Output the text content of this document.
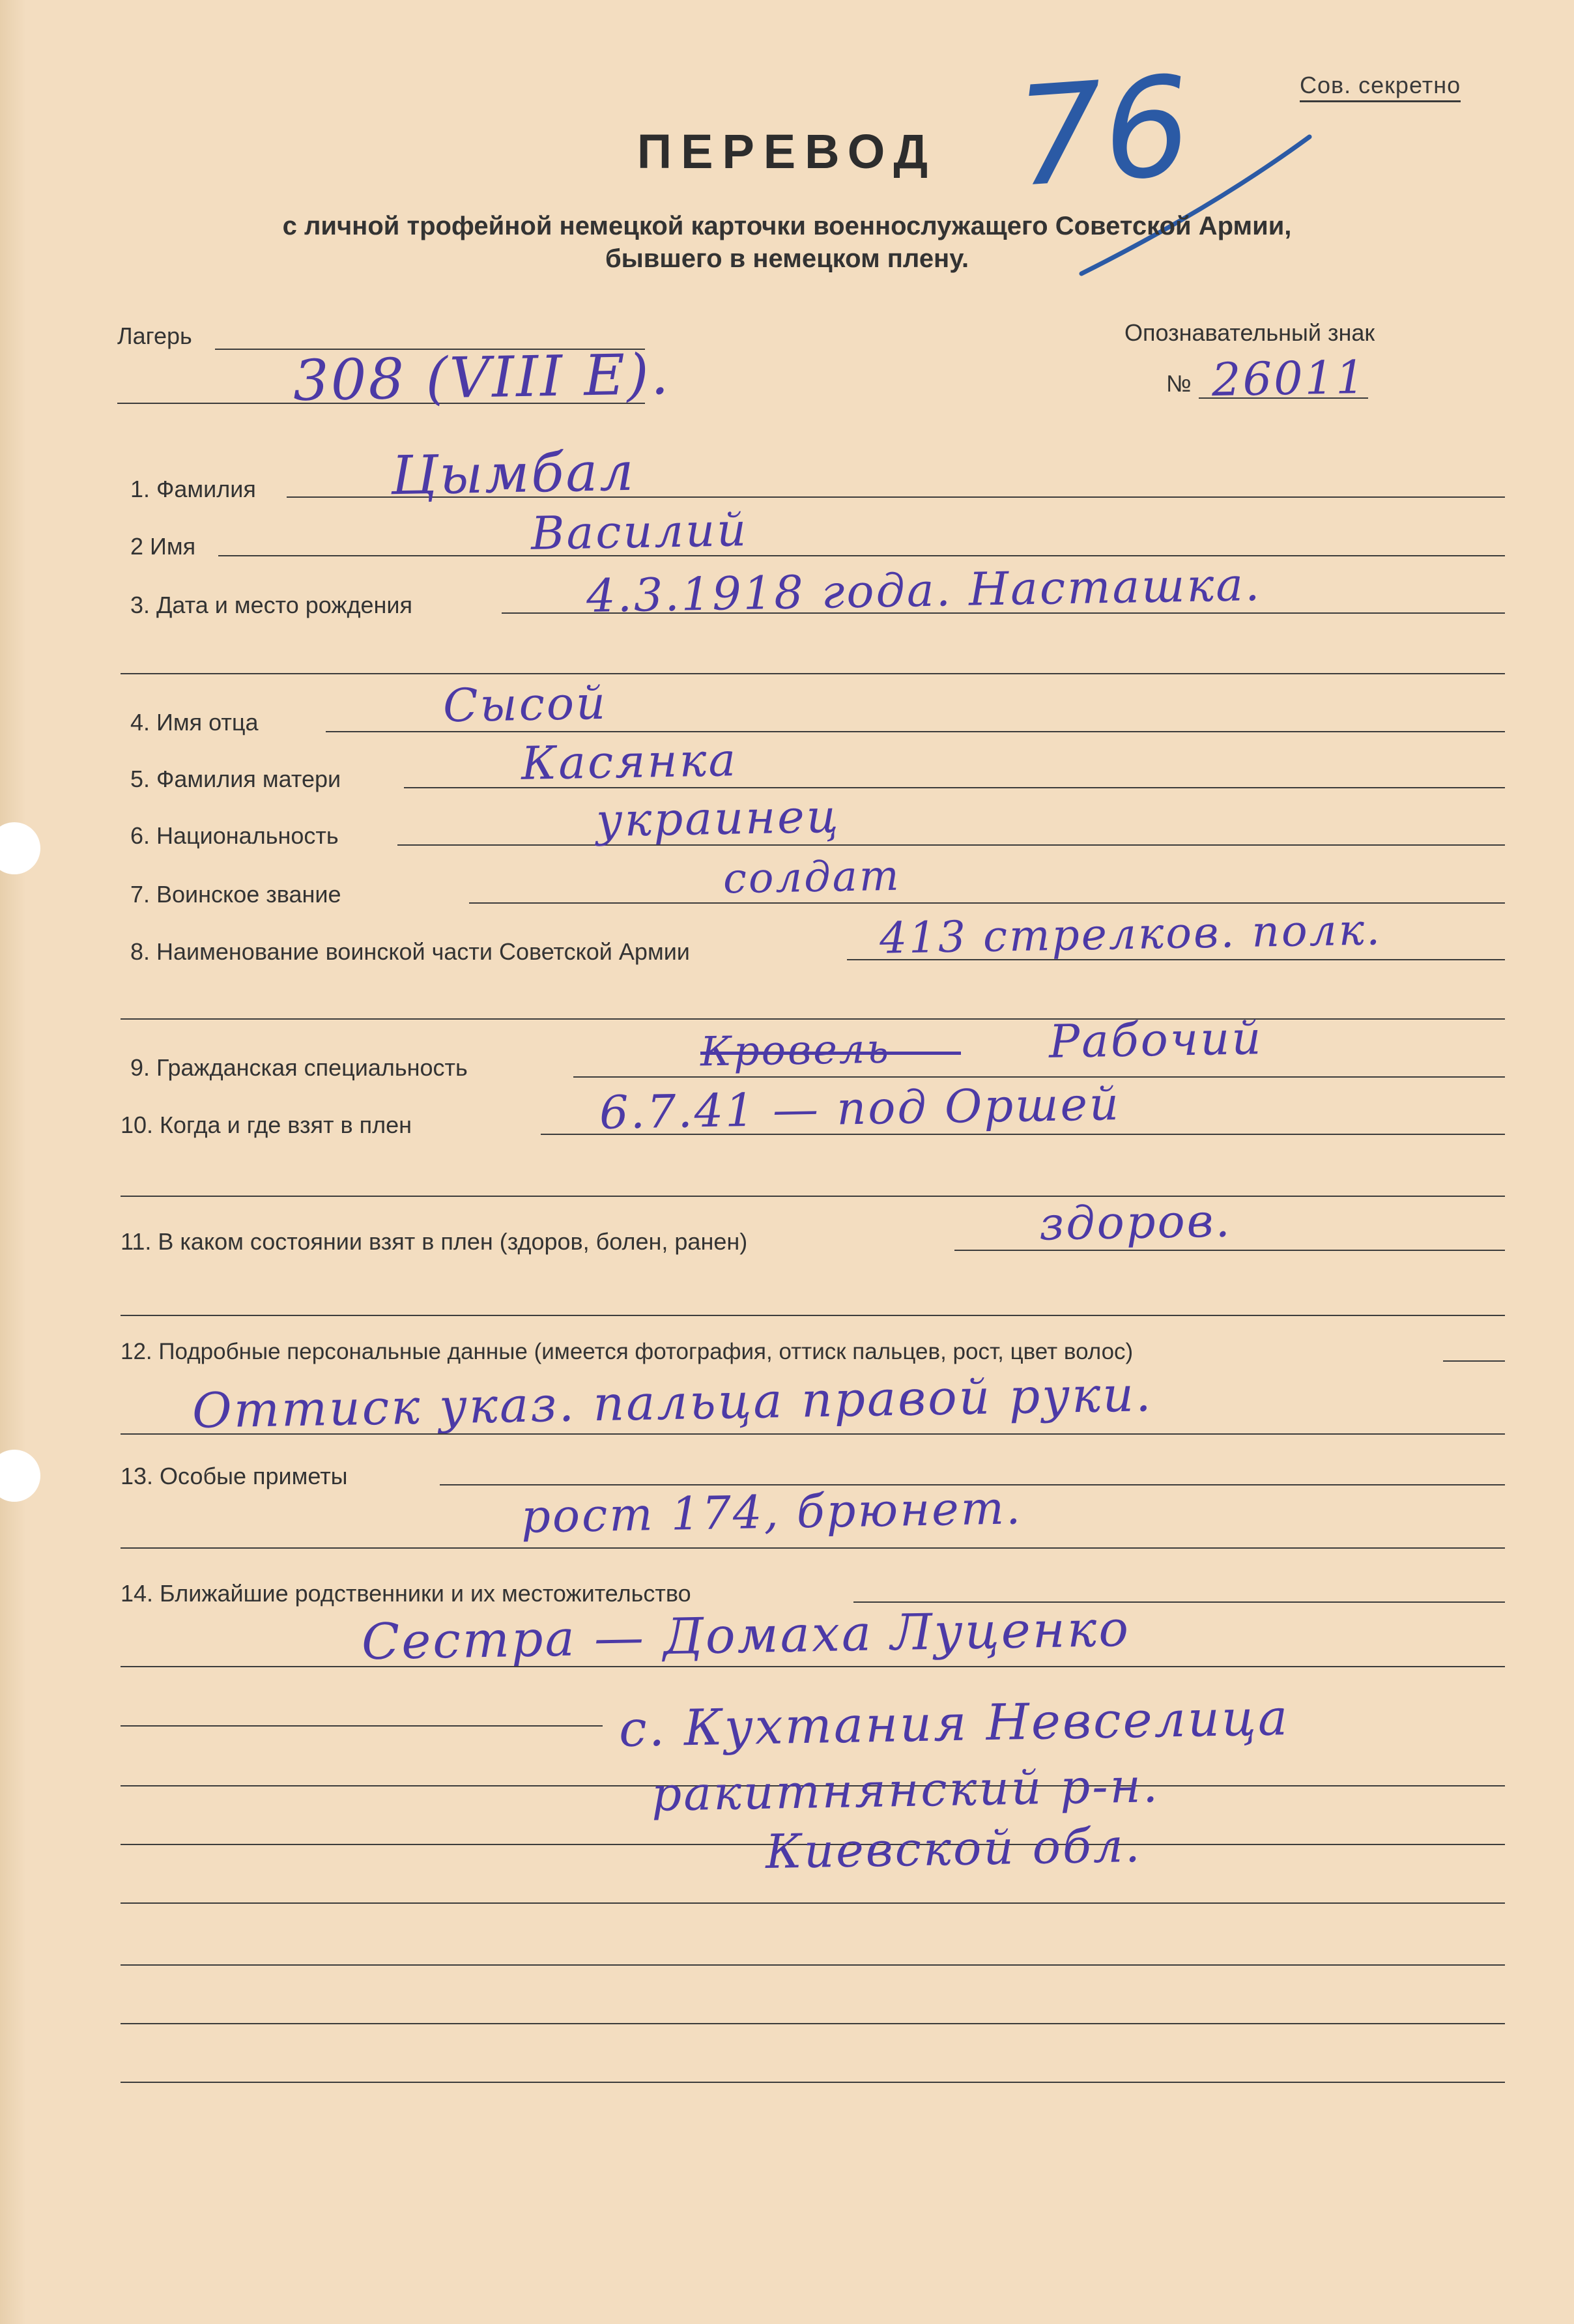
Сов. секретно
76
ПЕРЕВОД
с личной трофейной немецкой карточки военнослужащего Советской Армии,
бывшего в немецком плену.
Лагерь
308 (VIII E).
Опознавательный знак
№ 26011
1. Фамилия	Цымбал
2 Имя	Василий
3. Дата и место рождения	4.3.1918 года. Насташка.
4. Имя отца	Сысой
5. Фамилия матери	Касянка
6. Национальность	украинец
7. Воинское звание	солдат
8. Наименование воинской части Советской Армии	413 стрелков. полк.
9. Гражданская специальность	Кровель	Рабочий
10. Когда и где взят в плен	6.7.41 — под Оршей
11. В каком состоянии взят в плен (здоров, болен, ранен)	здоров.
12. Подробные персональные данные (имеется фотография, оттиск пальцев, рост, цвет волос)
Оттиск указ. пальца правой руки.
13. Особые приметы
рост 174, брюнет.
14. Ближайшие родственники и их местожительство
Сестра — Домаха Луценко
с. Кухтания Невселица
ракитнянский р-н.
Киевской обл.
